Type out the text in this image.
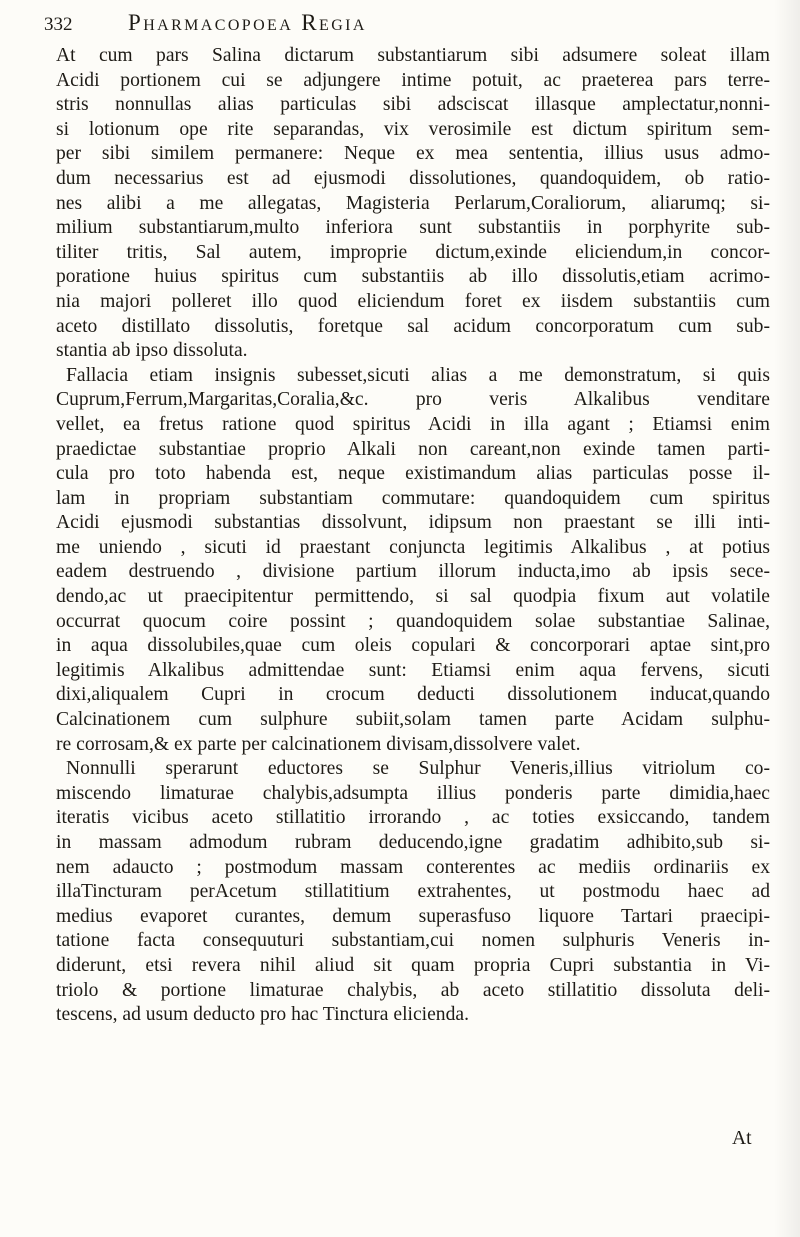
332 Pharmacopoea Regia
At cum pars Salina dictarum substantiarum sibi adsumere soleat illam
Acidi portionem cui se adjungere intime potuit, ac praeterea pars terre-
stris nonnullas alias particulas sibi adsciscat illasque amplectatur,nonni-
si lotionum ope rite separandas, vix verosimile est dictum spiritum sem-
per sibi similem permanere: Neque ex mea sententia, illius usus admo-
dum necessarius est ad ejusmodi dissolutiones, quandoquidem, ob ratio-
nes alibi a me allegatas, Magisteria Perlarum,Coraliorum, aliarumq; si-
milium substantiarum,multo inferiora sunt substantiis in porphyrite sub-
tiliter tritis, Sal autem, improprie dictum,exinde eliciendum,in concor-
poratione huius spiritus cum substantiis ab illo dissolutis,etiam acrimo-
nia majori polleret illo quod eliciendum foret ex iisdem substantiis cum
aceto distillato dissolutis, foretque sal acidum concorporatum cum sub-
stantia ab ipso dissoluta.
Fallacia etiam insignis subesset,sicuti alias a me demonstratum, si quis
Cuprum,Ferrum,Margaritas,Coralia,&c. pro veris Alkalibus venditare
vellet, ea fretus ratione quod spiritus Acidi in illa agant ; Etiamsi enim
praedictae substantiae proprio Alkali non careant,non exinde tamen parti-
cula pro toto habenda est, neque existimandum alias particulas posse il-
lam in propriam substantiam commutare: quandoquidem cum spiritus
Acidi ejusmodi substantias dissolvunt, idipsum non praestant se illi inti-
me uniendo , sicuti id praestant conjuncta legitimis Alkalibus , at potius
eadem destruendo , divisione partium illorum inducta,imo ab ipsis sece-
dendo,ac ut praecipitentur permittendo, si sal quodpia fixum aut volatile
occurrat quocum coire possint ; quandoquidem solae substantiae Salinae,
in aqua dissolubiles,quae cum oleis copulari & concorporari aptae sint,pro
legitimis Alkalibus admittendae sunt: Etiamsi enim aqua fervens, sicuti
dixi,aliqualem Cupri in crocum deducti dissolutionem inducat,quando
Calcinationem cum sulphure subiit,solam tamen parte Acidam sulphu-
re corrosam,& ex parte per calcinationem divisam,dissolvere valet.
Nonnulli sperarunt eductores se Sulphur Veneris,illius vitriolum co-
miscendo limaturae chalybis,adsumpta illius ponderis parte dimidia,haec
iteratis vicibus aceto stillatitio irrorando , ac toties exsiccando, tandem
in massam admodum rubram deducendo,igne gradatim adhibito,sub si-
nem adaucto ; postmodum massam conterentes ac mediis ordinariis ex
illaTincturam perAcetum stillatitium extrahentes, ut postmodu haec ad
medius evaporet curantes, demum superasfuso liquore Tartari praecipi-
tatione facta consequuturi substantiam,cui nomen sulphuris Veneris in-
diderunt, etsi revera nihil aliud sit quam propria Cupri substantia in Vi-
triolo & portione limaturae chalybis, ab aceto stillatitio dissoluta deli-
tescens, ad usum deducto pro hac Tinctura elicienda.
At
